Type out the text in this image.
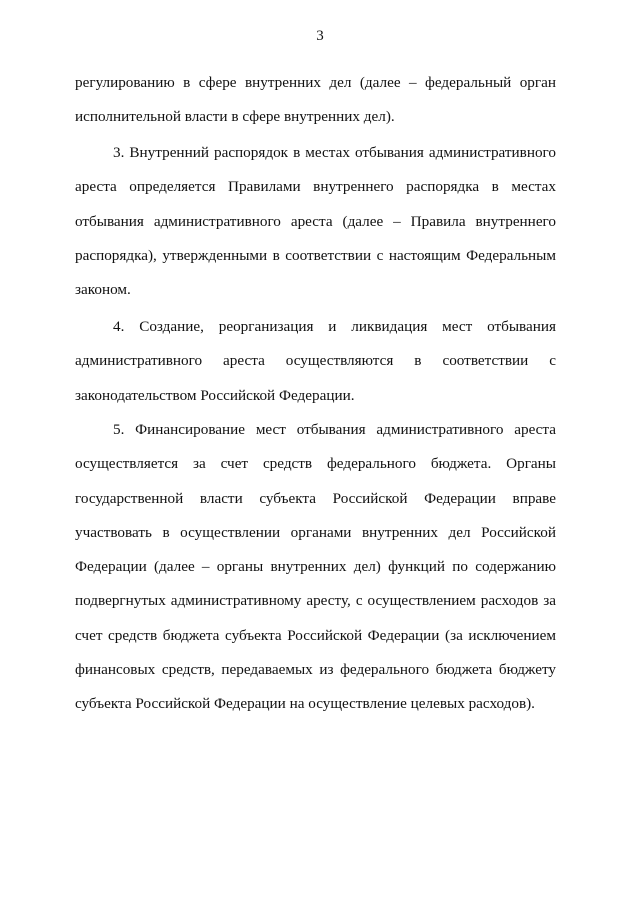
3
регулированию в сфере внутренних дел (далее – федеральный орган
исполнительной власти в сфере внутренних дел).
3. Внутренний распорядок в местах отбывания административного
ареста определяется Правилами внутреннего распорядка в местах
отбывания административного ареста (далее – Правила внутреннего
распорядка), утвержденными в соответствии с настоящим Федеральным
законом.
4. Создание, реорганизация и ликвидация мест отбывания
административного ареста осуществляются в соответствии с
законодательством Российской Федерации.
5. Финансирование мест отбывания административного ареста
осуществляется за счет средств федерального бюджета. Органы
государственной власти субъекта Российской Федерации вправе
участвовать в осуществлении органами внутренних дел Российской
Федерации (далее – органы внутренних дел) функций по содержанию
подвергнутых административному аресту, с осуществлением расходов за
счет средств бюджета субъекта Российской Федерации (за исключением
финансовых средств, передаваемых из федерального бюджета бюджету
субъекта Российской Федерации на осуществление целевых расходов).
